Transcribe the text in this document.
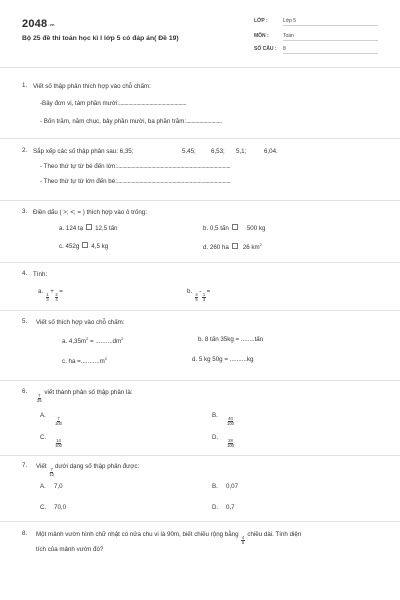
$2048^{.vn}$
Bộ 25 đề thi toán học kì I lớp 5 có đáp án( Đề 19)
LỚP :	Lớp 5
MÔN :	Toán
SỐ CÂU :	8
1. Viết số thập phân thích hợp vào chỗ chấm:
-Bảy đơn vị, tám phần mười:...................................................
- Bốn trăm, năm chục, bảy phần mười, ba phần trăm:...........................
2. Sắp xếp các số thập phân sau: 6,35;	5,45; 6,53; 5,1;	6,04.
- Theo thứ tự từ bé đến lớn:......................................................................................
- Theo thứ tự từ lớn đến bé:......................................................................................
3. Điền dấu ( >; <; = ) thích hợp vào ô trống:
a. 124 tạ 12,5 tấn	b. 0,5 tấn	500 kg
c. 452g 4,5 kg	d. 260 ha 26 $km^2$
4. Tính:
a.
$\frac{1}{3}$
+
$\frac{2}{4}$
=	b.
$\frac{4}{5}$
-
$\frac{1}{3}$
=
5. Viết số thích hợp vào chỗ chấm:
a. $4,35m^2 = ..........dm^2$	b. 8 tấn 35kg = ........tấn
c. ha $=...........m^2$	d. 5 kg 50g = ..........kg
6.
$\frac{7}{25}$
viết thành phân số thập phân là:
A.
$\frac{7}{100}$
B.
$\frac{40}{100}$
C.
$\frac{14}{100}$
D.
$\frac{28}{100}$
7. Viết
$\frac{7}{10}$
dưới dạng số thập phân được:
A. 7,0	B. 0,07
C. 70,0	D. 0,7
8. Một mảnh vườn hình chữ nhật có nửa chu vi là 90m, biết chiều rộng bằng
$\frac{4}{5}$
chiều dài. Tính diện
tích của mảnh vườn đó?
